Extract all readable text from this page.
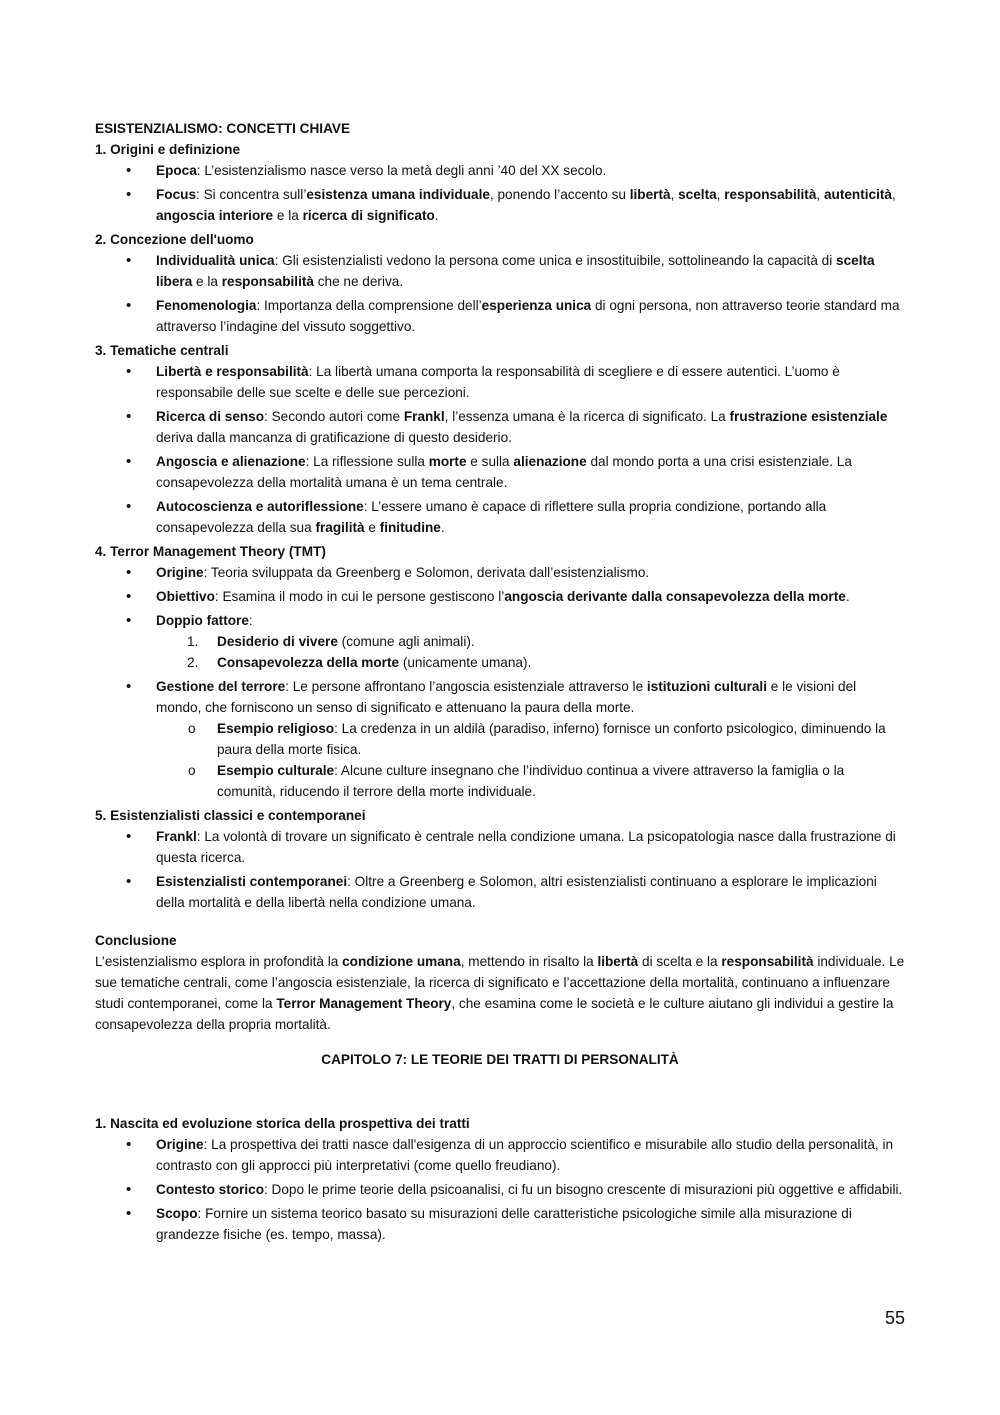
ESISTENZIALISMO: CONCETTI CHIAVE

1. Origini e definizione

• Epoca: L’esistenzialismo nasce verso la metà degli anni ’40 del XX secolo.
• Focus: Si concentra sull’esistenza umana individuale, ponendo l’accento su libertà, scelta, responsabilità, autenticità, angoscia interiore e la ricerca di significato.

2. Concezione dell'uomo

• Individualità unica: Gli esistenzialisti vedono la persona come unica e insostituibile, sottolineando la capacità di scelta libera e la responsabilità che ne deriva.
• Fenomenologia: Importanza della comprensione dell’esperienza unica di ogni persona, non attraverso teorie standard ma attraverso l’indagine del vissuto soggettivo.

3. Tematiche centrali

• Libertà e responsabilità: La libertà umana comporta la responsabilità di scegliere e di essere autentici. L’uomo è responsabile delle sue scelte e delle sue percezioni.
• Ricerca di senso: Secondo autori come Frankl, l’essenza umana è la ricerca di significato. La frustrazione esistenziale deriva dalla mancanza di gratificazione di questo desiderio.
• Angoscia e alienazione: La riflessione sulla morte e sulla alienazione dal mondo porta a una crisi esistenziale. La consapevolezza della mortalità umana è un tema centrale.
• Autocoscienza e autoriflessione: L’essere umano è capace di riflettere sulla propria condizione, portando alla consapevolezza della sua fragilità e finitudine.

4. Terror Management Theory (TMT)

• Origine: Teoria sviluppata da Greenberg e Solomon, derivata dall’esistenzialismo.
• Obiettivo: Esamina il modo in cui le persone gestiscono l’angoscia derivante dalla consapevolezza della morte.
• Doppio fattore:
1. Desiderio di vivere (comune agli animali).
2. Consapevolezza della morte (unicamente umana).
• Gestione del terrore: Le persone affrontano l’angoscia esistenziale attraverso le istituzioni culturali e le visioni del mondo, che forniscono un senso di significato e attenuano la paura della morte.
o Esempio religioso: La credenza in un aldilà (paradiso, inferno) fornisce un conforto psicologico, diminuendo la paura della morte fisica.
o Esempio culturale: Alcune culture insegnano che l’individuo continua a vivere attraverso la famiglia o la comunità, riducendo il terrore della morte individuale.

5. Esistenzialisti classici e contemporanei

• Frankl: La volontà di trovare un significato è centrale nella condizione umana. La psicopatologia nasce dalla frustrazione di questa ricerca.
• Esistenzialisti contemporanei: Oltre a Greenberg e Solomon, altri esistenzialisti continuano a esplorare le implicazioni della mortalità e della libertà nella condizione umana.

Conclusione

L’esistenzialismo esplora in profondità la condizione umana, mettendo in risalto la libertà di scelta e la responsabilità individuale. Le sue tematiche centrali, come l’angoscia esistenziale, la ricerca di significato e l’accettazione della mortalità, continuano a influenzare studi contemporanei, come la Terror Management Theory, che esamina come le società e le culture aiutano gli individui a gestire la consapevolezza della propria mortalità.

CAPITOLO 7: LE TEORIE DEI TRATTI DI PERSONALITÀ

1. Nascita ed evoluzione storica della prospettiva dei tratti

• Origine: La prospettiva dei tratti nasce dall'esigenza di un approccio scientifico e misurabile allo studio della personalità, in contrasto con gli approcci più interpretativi (come quello freudiano).
• Contesto storico: Dopo le prime teorie della psicoanalisi, ci fu un bisogno crescente di misurazioni più oggettive e affidabili.
• Scopo: Fornire un sistema teorico basato su misurazioni delle caratteristiche psicologiche simile alla misurazione di grandezze fisiche (es. tempo, massa).
55
